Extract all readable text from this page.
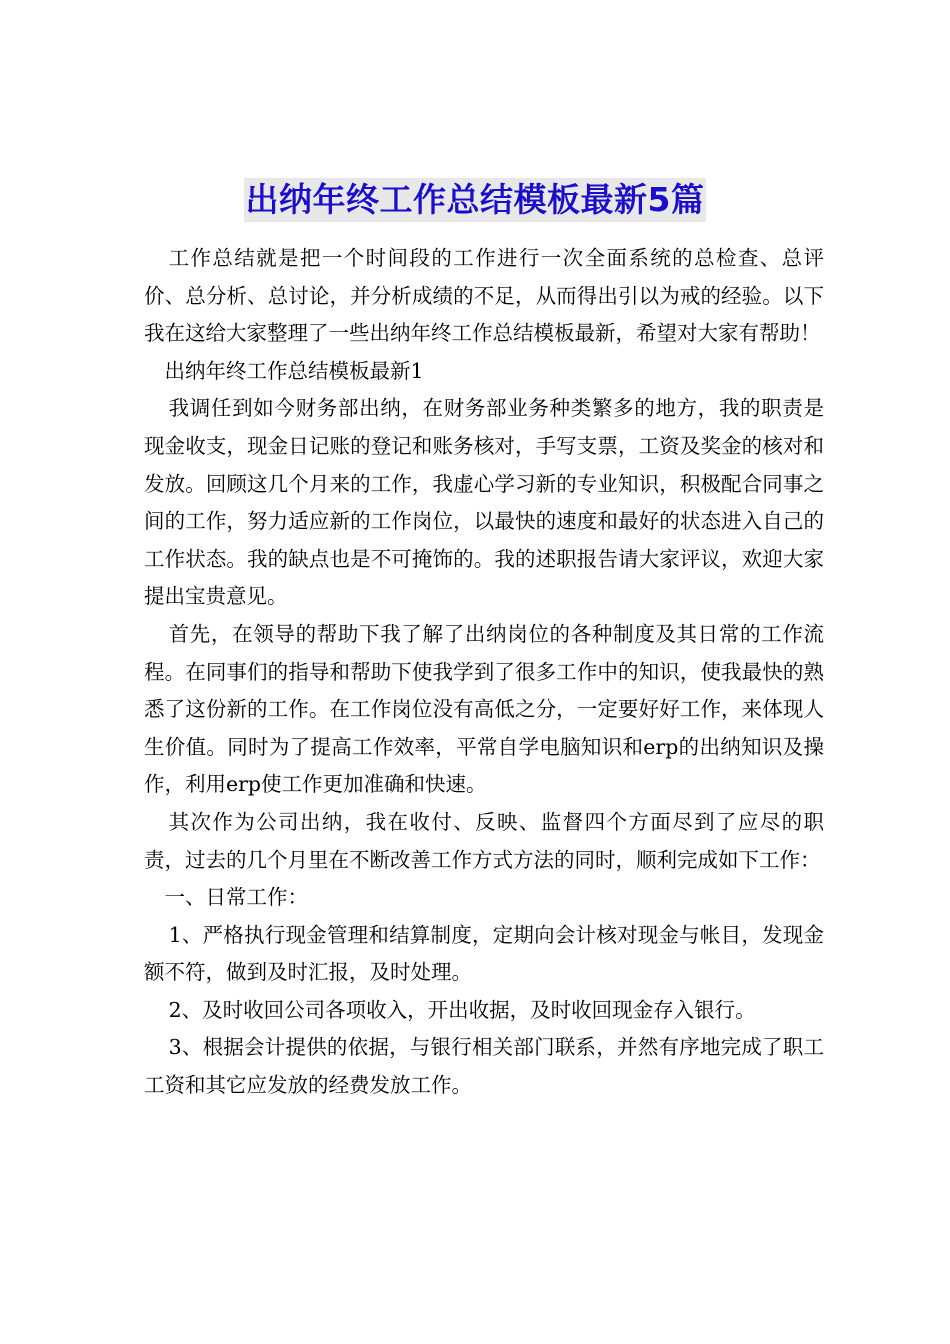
出纳年终工作总结模板最新5篇

工作总结就是把一个时间段的工作进行一次全面系统的总检查、总评价、总分析、总讨论，并分析成绩的不足，从而得出引以为戒的经验。以下我在这给大家整理了一些出纳年终工作总结模板最新，希望对大家有帮助！

出纳年终工作总结模板最新1

我调任到如今财务部出纳，在财务部业务种类繁多的地方，我的职责是现金收支，现金日记账的登记和账务核对，手写支票，工资及奖金的核对和发放。回顾这几个月来的工作，我虚心学习新的专业知识，积极配合同事之间的工作，努力适应新的工作岗位，以最快的速度和最好的状态进入自己的工作状态。我的缺点也是不可掩饰的。我的述职报告请大家评议，欢迎大家提出宝贵意见。

首先，在领导的帮助下我了解了出纳岗位的各种制度及其日常的工作流程。在同事们的指导和帮助下使我学到了很多工作中的知识，使我最快的熟悉了这份新的工作。在工作岗位没有高低之分，一定要好好工作，来体现人生价值。同时为了提高工作效率，平常自学电脑知识和erp的出纳知识及操作，利用erp使工作更加准确和快速。

其次作为公司出纳，我在收付、反映、监督四个方面尽到了应尽的职责，过去的几个月里在不断改善工作方式方法的同时，顺利完成如下工作：

一、日常工作：

1、严格执行现金管理和结算制度，定期向会计核对现金与帐目，发现金额不符，做到及时汇报，及时处理。

2、及时收回公司各项收入，开出收据，及时收回现金存入银行。

3、根据会计提供的依据，与银行相关部门联系，并然有序地完成了职工工资和其它应发放的经费发放工作。
